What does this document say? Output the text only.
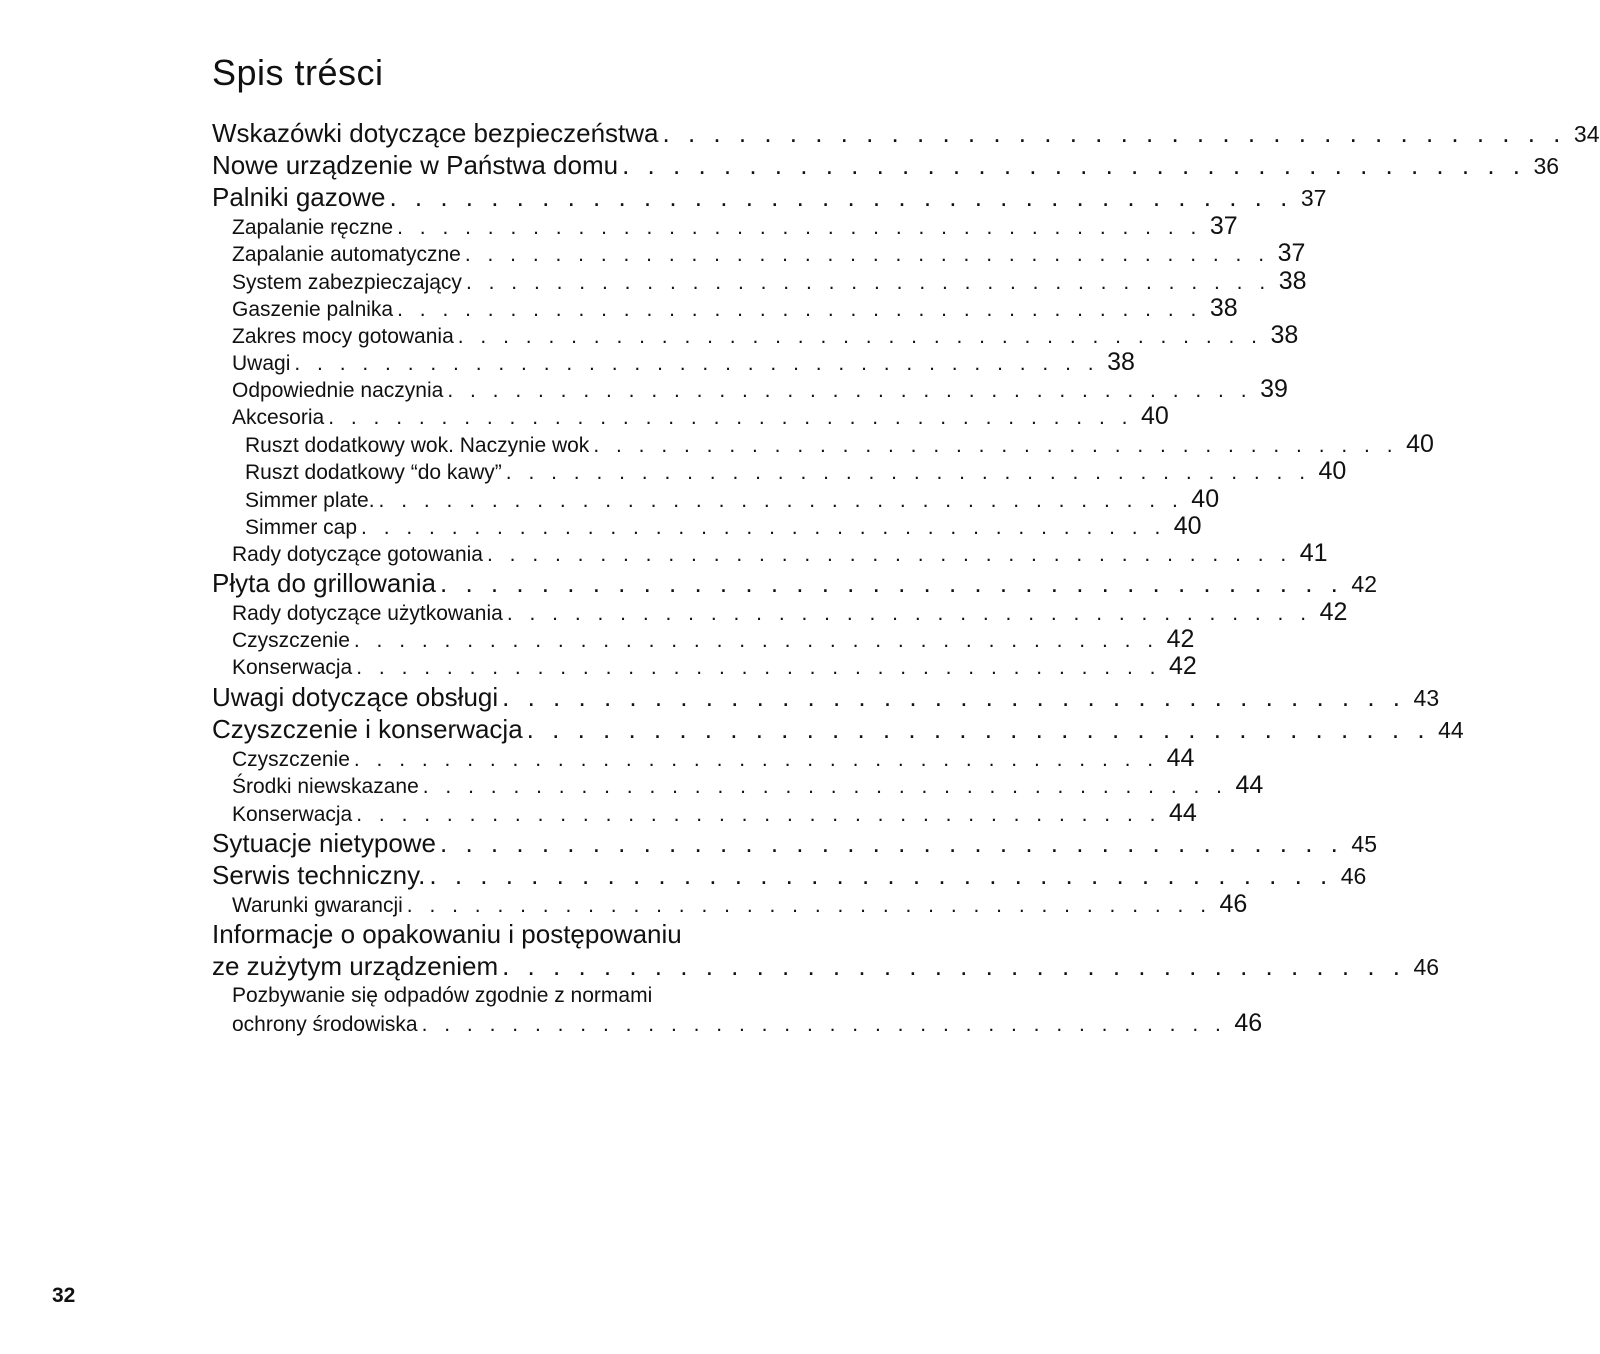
Spis trésci
Wskazówki dotyczące bezpieczeństwa . . . . . . . . . . . . . . . . . . . . . . . . . . . . . . . . . . . . 34
Nowe urządzenie w Państwa domu . . . . . . . . . . . . . . . . . . . . . . . . . . . . . . . . . . . . 36
Palniki gazowe . . . . . . . . . . . . . . . . . . . . . . . . . . . . . . . . . . . . 37
Zapalanie ręczne . . . . . . . . . . . . . . . . . . . . . . . . . . . . . . . . . . . . 37
Zapalanie automatyczne . . . . . . . . . . . . . . . . . . . . . . . . . . . . . . . . . . . . 37
System zabezpieczający . . . . . . . . . . . . . . . . . . . . . . . . . . . . . . . . . . . . 38
Gaszenie palnika . . . . . . . . . . . . . . . . . . . . . . . . . . . . . . . . . . . . 38
Zakres mocy gotowania . . . . . . . . . . . . . . . . . . . . . . . . . . . . . . . . . . . . 38
Uwagi . . . . . . . . . . . . . . . . . . . . . . . . . . . . . . . . . . . . 38
Odpowiednie naczynia . . . . . . . . . . . . . . . . . . . . . . . . . . . . . . . . . . . . 39
Akcesoria . . . . . . . . . . . . . . . . . . . . . . . . . . . . . . . . . . . . 40
Ruszt dodatkowy wok. Naczynie wok . . . . . . . . . . . . . . . . . . . . . . . . . . . . . . . . . . . . 40
Ruszt dodatkowy “do kawy” . . . . . . . . . . . . . . . . . . . . . . . . . . . . . . . . . . . . 40
Simmer plate. . . . . . . . . . . . . . . . . . . . . . . . . . . . . . . . . . . . . 40
Simmer cap . . . . . . . . . . . . . . . . . . . . . . . . . . . . . . . . . . . . 40
Rady dotyczące gotowania . . . . . . . . . . . . . . . . . . . . . . . . . . . . . . . . . . . . 41
Płyta do grillowania . . . . . . . . . . . . . . . . . . . . . . . . . . . . . . . . . . . . 42
Rady dotyczące użytkowania . . . . . . . . . . . . . . . . . . . . . . . . . . . . . . . . . . . . 42
Czyszczenie . . . . . . . . . . . . . . . . . . . . . . . . . . . . . . . . . . . . 42
Konserwacja . . . . . . . . . . . . . . . . . . . . . . . . . . . . . . . . . . . . 42
Uwagi dotyczące obsługi . . . . . . . . . . . . . . . . . . . . . . . . . . . . . . . . . . . . 43
Czyszczenie i konserwacja . . . . . . . . . . . . . . . . . . . . . . . . . . . . . . . . . . . . 44
Czyszczenie . . . . . . . . . . . . . . . . . . . . . . . . . . . . . . . . . . . . 44
Środki niewskazane . . . . . . . . . . . . . . . . . . . . . . . . . . . . . . . . . . . . 44
Konserwacja . . . . . . . . . . . . . . . . . . . . . . . . . . . . . . . . . . . . 44
Sytuacje nietypowe . . . . . . . . . . . . . . . . . . . . . . . . . . . . . . . . . . . . 45
Serwis techniczny. . . . . . . . . . . . . . . . . . . . . . . . . . . . . . . . . . . . . 46
Warunki gwarancji . . . . . . . . . . . . . . . . . . . . . . . . . . . . . . . . . . . . 46
Informacje o opakowaniu i postępowaniu
ze zużytym urządzeniem . . . . . . . . . . . . . . . . . . . . . . . . . . . . . . . . . . . . 46
Pozbywanie się odpadów zgodnie z normami
ochrony środowiska . . . . . . . . . . . . . . . . . . . . . . . . . . . . . . . . . . . . 46
32
